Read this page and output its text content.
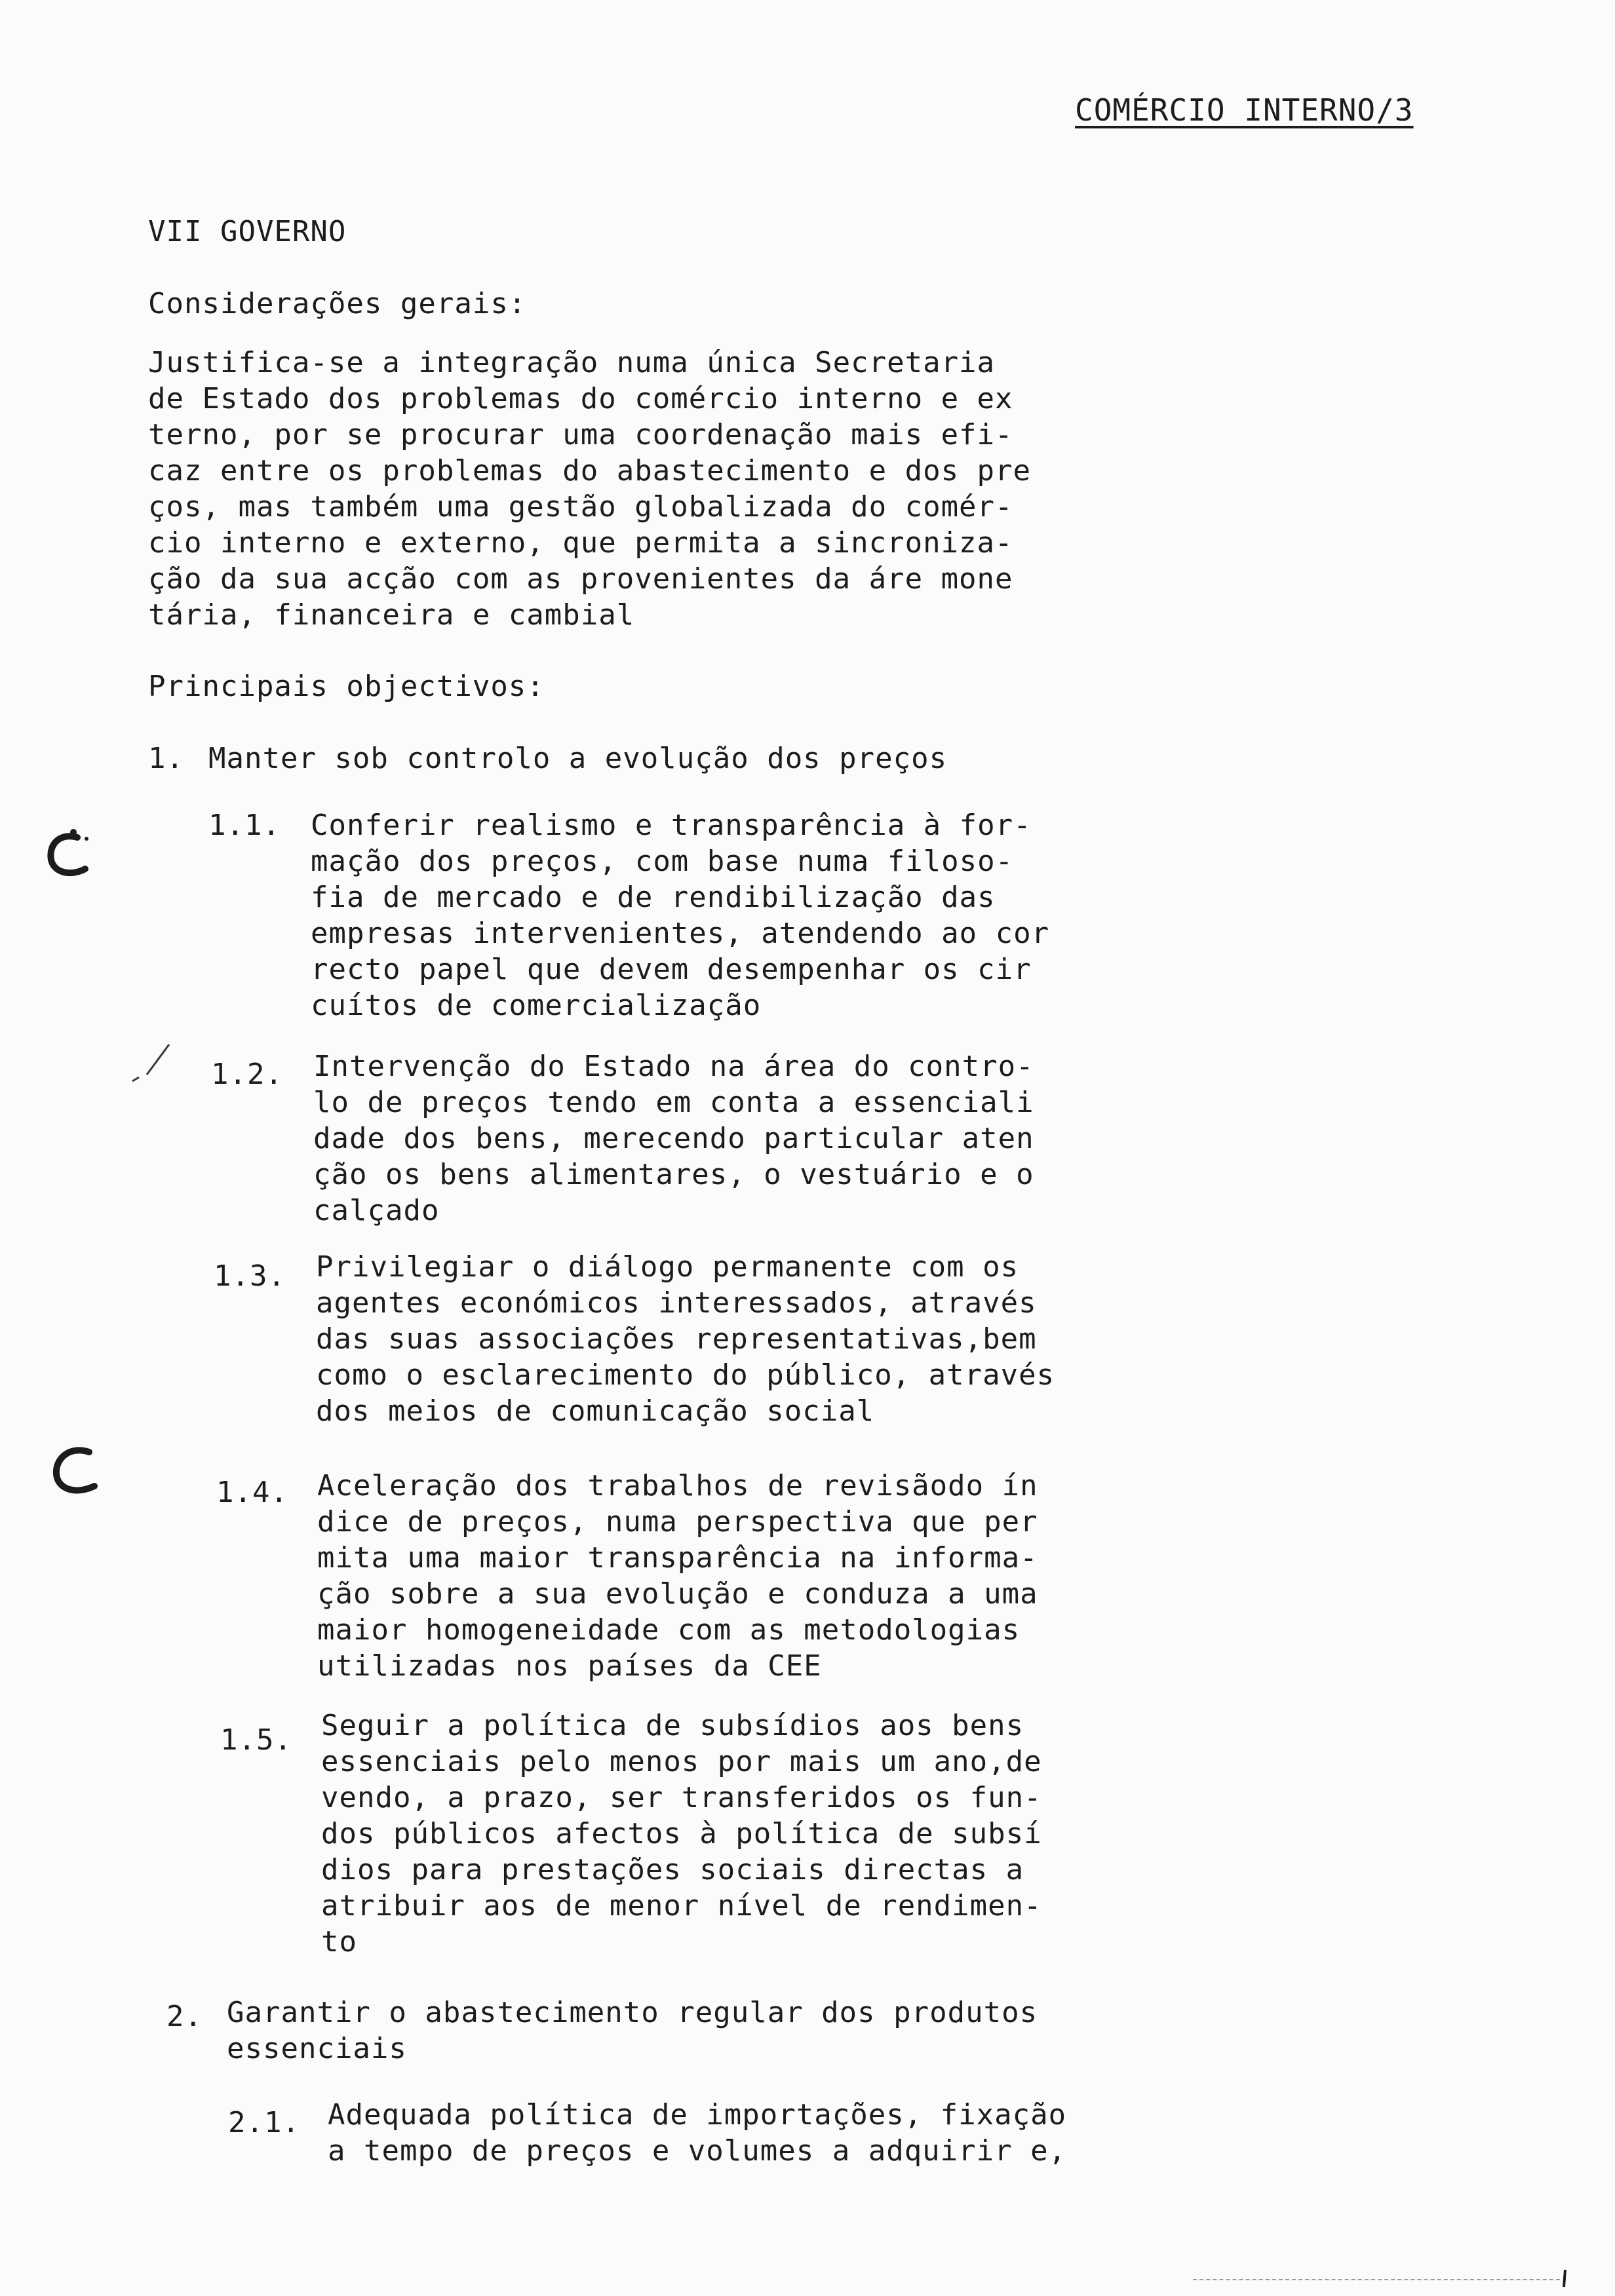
COMÉRCIO INTERNO/3
VII GOVERNO
Considerações gerais:
Justifica-se a integração numa única Secretaria
de Estado dos problemas do comércio interno e ex
terno, por se procurar uma coordenação mais efi-
caz entre os problemas do abastecimento e dos pre
ços, mas também uma gestão globalizada do comér-
cio interno e externo, que permita a sincroniza-
ção da sua acção com as provenientes da áre mone
tária, financeira e cambial
Principais objectivos:
1. Manter sob controlo a evolução dos preços
1.1. Conferir realismo e transparência à for-
mação dos preços, com base numa filoso-
fia de mercado e de rendibilização das
empresas intervenientes, atendendo ao cor
recto papel que devem desempenhar os cir
cuítos de comercialização
1.2. Intervenção do Estado na área do contro-
lo de preços tendo em conta a essenciali
dade dos bens, merecendo particular aten
ção os bens alimentares, o vestuário e o
calçado
1.3. Privilegiar o diálogo permanente com os
agentes económicos interessados, através
das suas associações representativas,bem
como o esclarecimento do público, através
dos meios de comunicação social
1.4. Aceleração dos trabalhos de revisãodo ín
dice de preços, numa perspectiva que per
mita uma maior transparência na informa-
ção sobre a sua evolução e conduza a uma
maior homogeneidade com as metodologias
utilizadas nos países da CEE
1.5. Seguir a política de subsídios aos bens
essenciais pelo menos por mais um ano,de
vendo, a prazo, ser transferidos os fun-
dos públicos afectos à política de subsí
dios para prestações sociais directas a
atribuir aos de menor nível de rendimen-
to
2. Garantir o abastecimento regular dos produtos
essenciais
2.1. Adequada política de importações, fixação
a tempo de preços e volumes a adquirir e,
